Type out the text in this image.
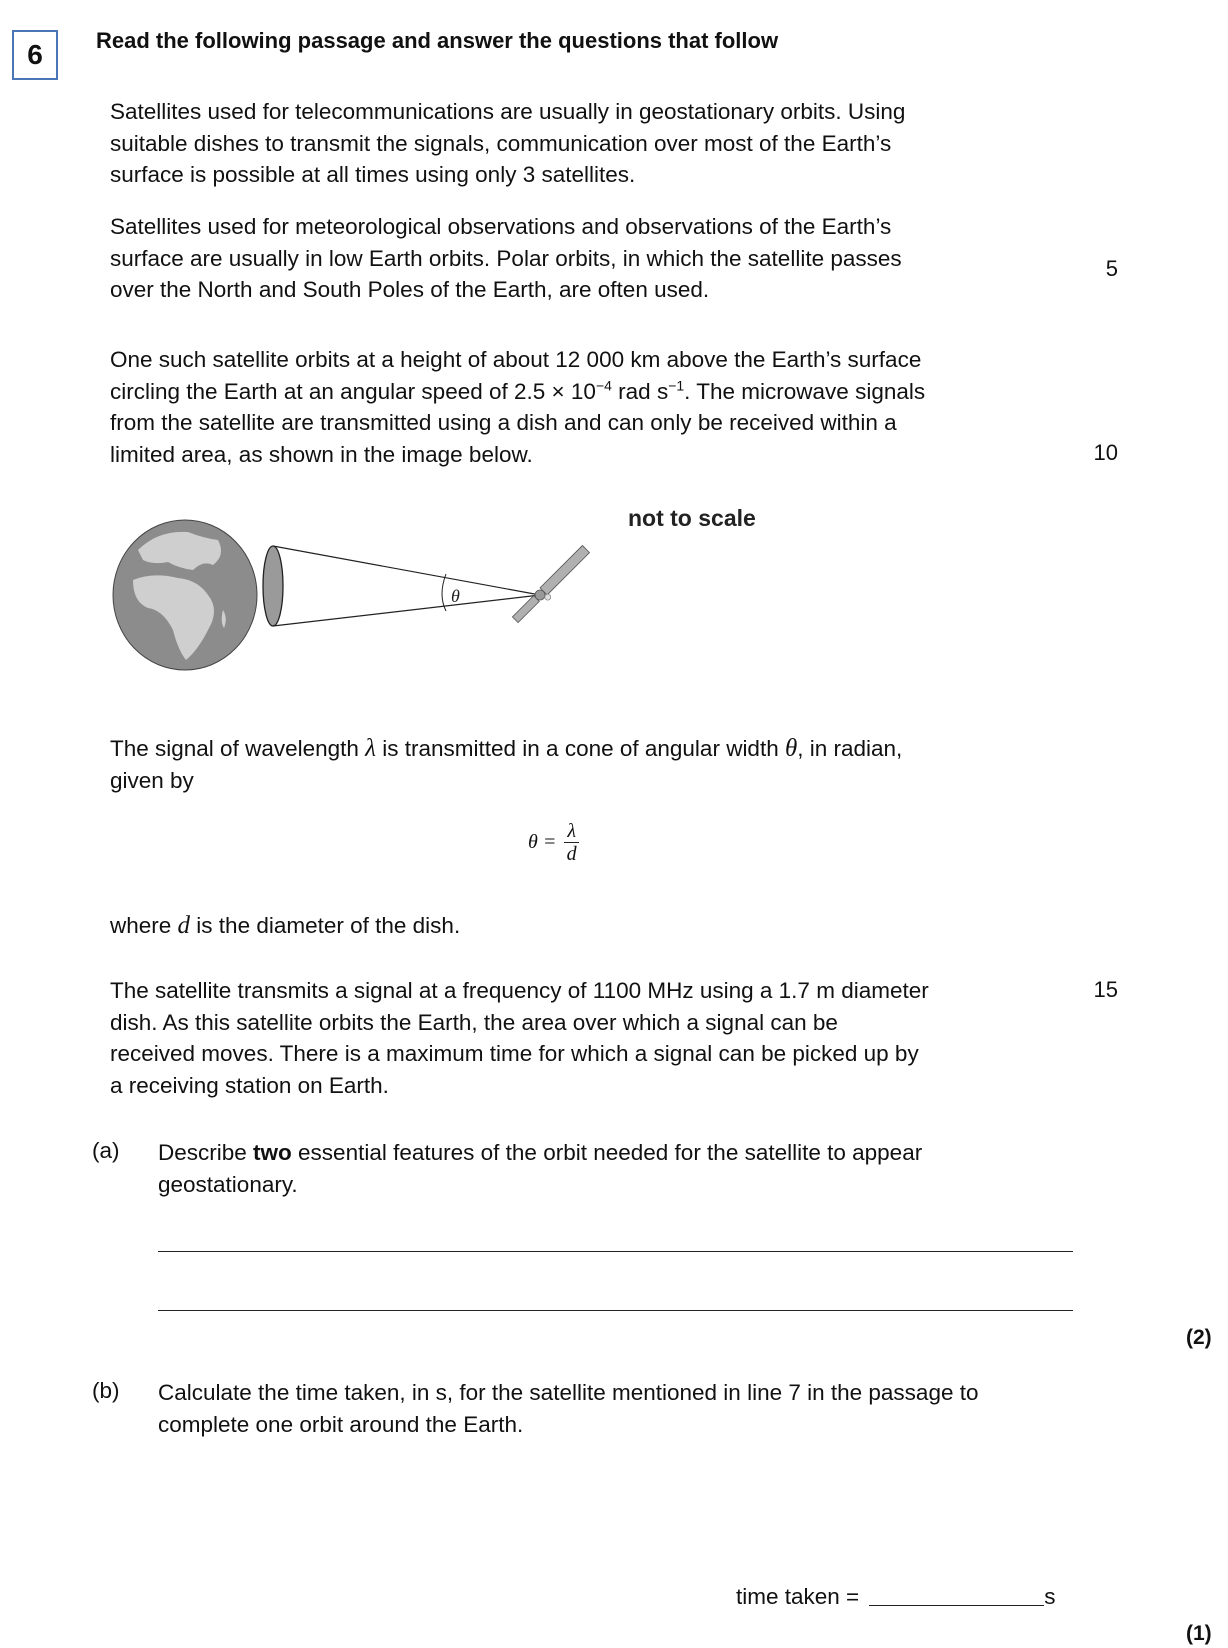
6 Read the following passage and answer the questions that follow

Satellites used for telecommunications are usually in geostationary orbits. Using

suitable dishes to transmit the signals, communication over most of the Earth’s

surface is possible at all times using only 3 satellites.

Satellites used for meteorological observations and observations of the Earth’s

surface are usually in low Earth orbits. Polar orbits, in which the satellite passes

over the North and South Poles of the Earth, are often used.

One such satellite orbits at a height of about 12 000 km above the Earth’s surface

circling the Earth at an angular speed of $2.5 \times 10^{-4}$ rad $s^{-1}$. The microwave signals

from the satellite are transmitted using a dish and can only be received within a

limited area, as shown in the image below.

5
10
15
not to scale
θ

The signal of wavelength λ is transmitted in a cone of angular width θ, in radian,

given by

$\theta = \frac{\lambda}{d}$

where d is the diameter of the dish.

The satellite transmits a signal at a frequency of 1100 MHz using a 1.7 m diameter

dish. As this satellite orbits the Earth, the area over which a signal can be

received moves. There is a maximum time for which a signal can be picked up by

a receiving station on Earth.

(a) Describe two essential features of the orbit needed for the satellite to appear
geostationary.
(2)
(b) Calculate the time taken, in s, for the satellite mentioned in line 7 in the passage to
complete one orbit around the Earth.
time taken =	s
(1)
